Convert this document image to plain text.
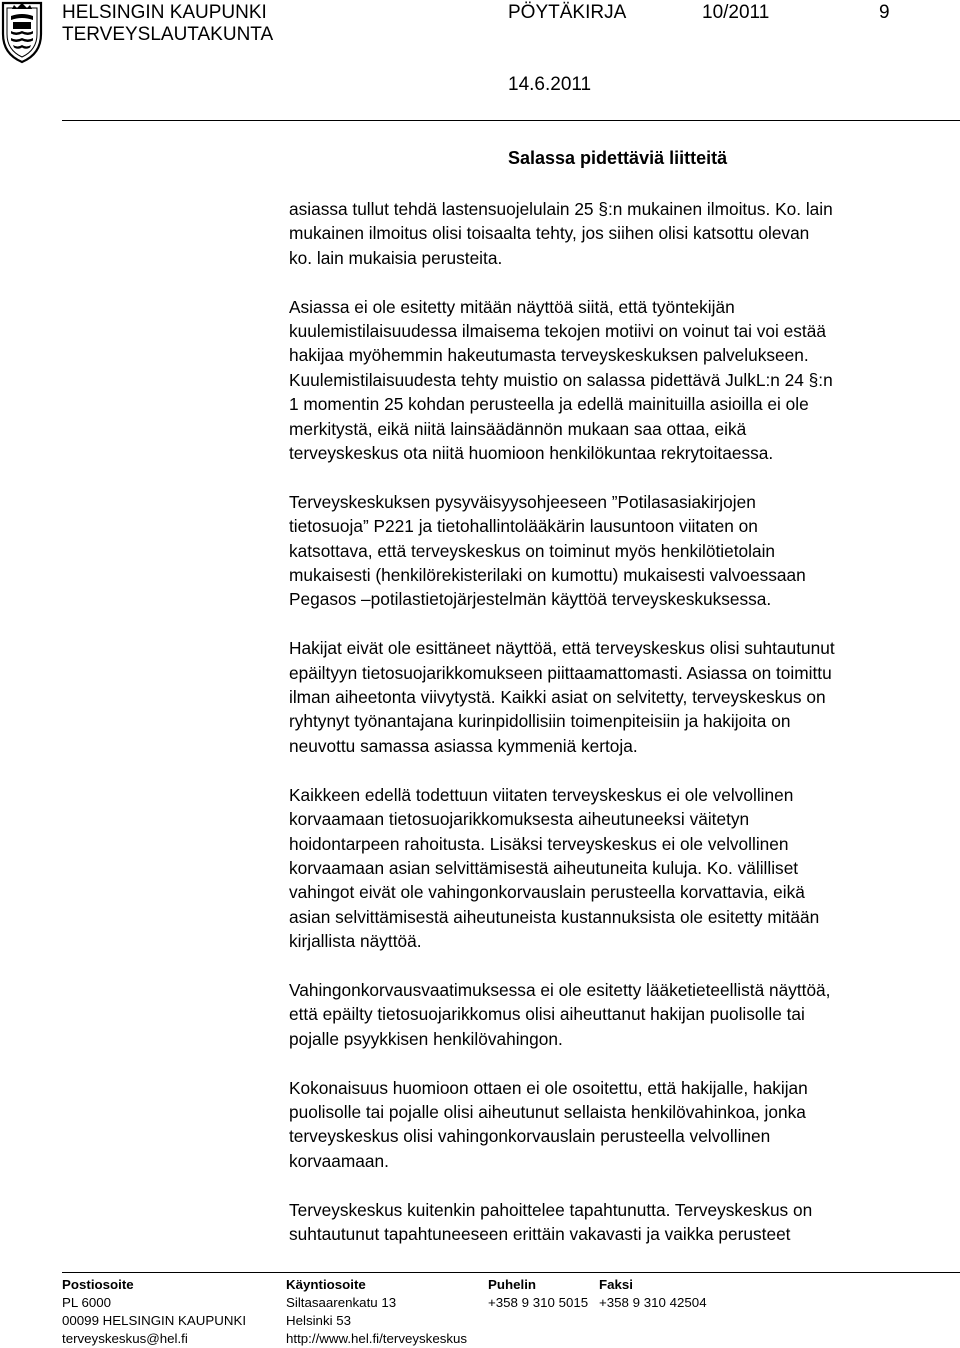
HELSINGIN KAUPUNKI
TERVEYSLAUTAKUNTA
PÖYTÄKIRJA	10/2011	9
14.6.2011
Salassa pidettäviä liitteitä

asiassa tullut tehdä lastensuojelulain 25 §:n mukainen ilmoitus. Ko. lain
mukainen ilmoitus olisi toisaalta tehty, jos siihen olisi katsottu olevan
ko. lain mukaisia perusteita.

Asiassa ei ole esitetty mitään näyttöä siitä, että työntekijän
kuulemistilaisuudessa ilmaisema tekojen motiivi on voinut tai voi estää
hakijaa myöhemmin hakeutumasta terveyskeskuksen palvelukseen.
Kuulemistilaisuudesta tehty muistio on salassa pidettävä JulkL:n 24 §:n
1 momentin 25 kohdan perusteella ja edellä mainituilla asioilla ei ole
merkitystä, eikä niitä lainsäädännön mukaan saa ottaa, eikä
terveyskeskus ota niitä huomioon henkilökuntaa rekrytoitaessa.

Terveyskeskuksen pysyväisyysohjeeseen ”Potilasasiakirjojen
tietosuoja” P221 ja tietohallintolääkärin lausuntoon viitaten on
katsottava, että terveyskeskus on toiminut myös henkilötietolain
mukaisesti (henkilörekisterilaki on kumottu) mukaisesti valvoessaan
Pegasos –potilastietojärjestelmän käyttöä terveyskeskuksessa.

Hakijat eivät ole esittäneet näyttöä, että terveyskeskus olisi suhtautunut
epäiltyyn tietosuojarikkomukseen piittaamattomasti. Asiassa on toimittu
ilman aiheetonta viivytystä. Kaikki asiat on selvitetty, terveyskeskus on
ryhtynyt työnantajana kurinpidollisiin toimenpiteisiin ja hakijoita on
neuvottu samassa asiassa kymmeniä kertoja.

Kaikkeen edellä todettuun viitaten terveyskeskus ei ole velvollinen
korvaamaan tietosuojarikkomuksesta aiheutuneeksi väitetyn
hoidontarpeen rahoitusta. Lisäksi terveyskeskus ei ole velvollinen
korvaamaan asian selvittämisestä aiheutuneita kuluja. Ko. välilliset
vahingot eivät ole vahingonkorvauslain perusteella korvattavia, eikä
asian selvittämisestä aiheutuneista kustannuksista ole esitetty mitään
kirjallista näyttöä.

Vahingonkorvausvaatimuksessa ei ole esitetty lääketieteellistä näyttöä,
että epäilty tietosuojarikkomus olisi aiheuttanut hakijan puolisolle tai
pojalle psyykkisen henkilövahingon.

Kokonaisuus huomioon ottaen ei ole osoitettu, että hakijalle, hakijan
puolisolle tai pojalle olisi aiheutunut sellaista henkilövahinkoa, jonka
terveyskeskus olisi vahingonkorvauslain perusteella velvollinen
korvaamaan.

Terveyskeskus kuitenkin pahoittelee tapahtunutta. Terveyskeskus on
suhtautunut tapahtuneeseen erittäin vakavasti ja vaikka perusteet

Postiosoite
PL 6000
00099 HELSINGIN KAUPUNKI
terveyskeskus@hel.fi
Käyntiosoite
Siltasaarenkatu 13
Helsinki 53
http://www.hel.fi/terveyskeskus
Puhelin
+358 9 310 5015
Faksi
+358 9 310 42504
